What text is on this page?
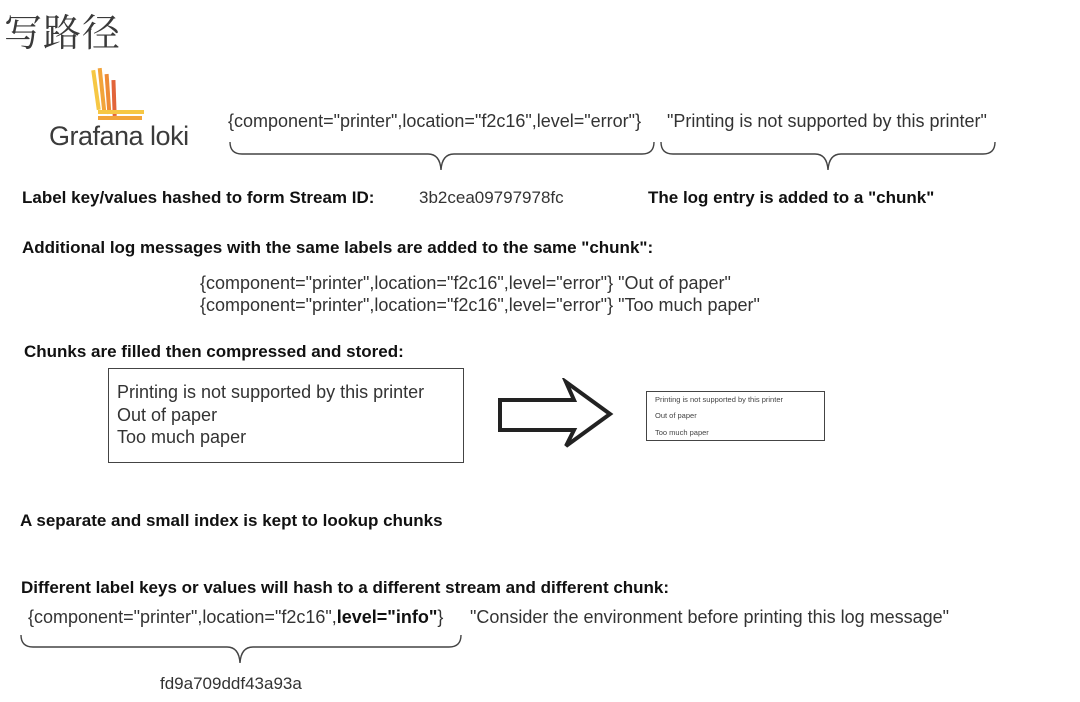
写路径
Grafana loki {component="printer",location="f2c16",level="error"} "Printing is not supported by this printer"
Label key/values hashed to form Stream ID:	3b2cea09797978fc	The log entry is added to a "chunk"
Additional log messages with the same labels are added to the same "chunk":
{component="printer",location="f2c16",level="error"} "Out of paper"
{component="printer",location="f2c16",level="error"} "Too much paper"
Chunks are filled then compressed and stored:
Printing is not supported by this printer
Out of paper
Too much paper
Printing is not supported by this printer
Out of paper
Too much paper
A separate and small index is kept to lookup chunks
Different label keys or values will hash to a different stream and different chunk:
{component="printer",location="f2c16",level="info"} "Consider the environment before printing this log message"
fd9a709ddf43a93a
